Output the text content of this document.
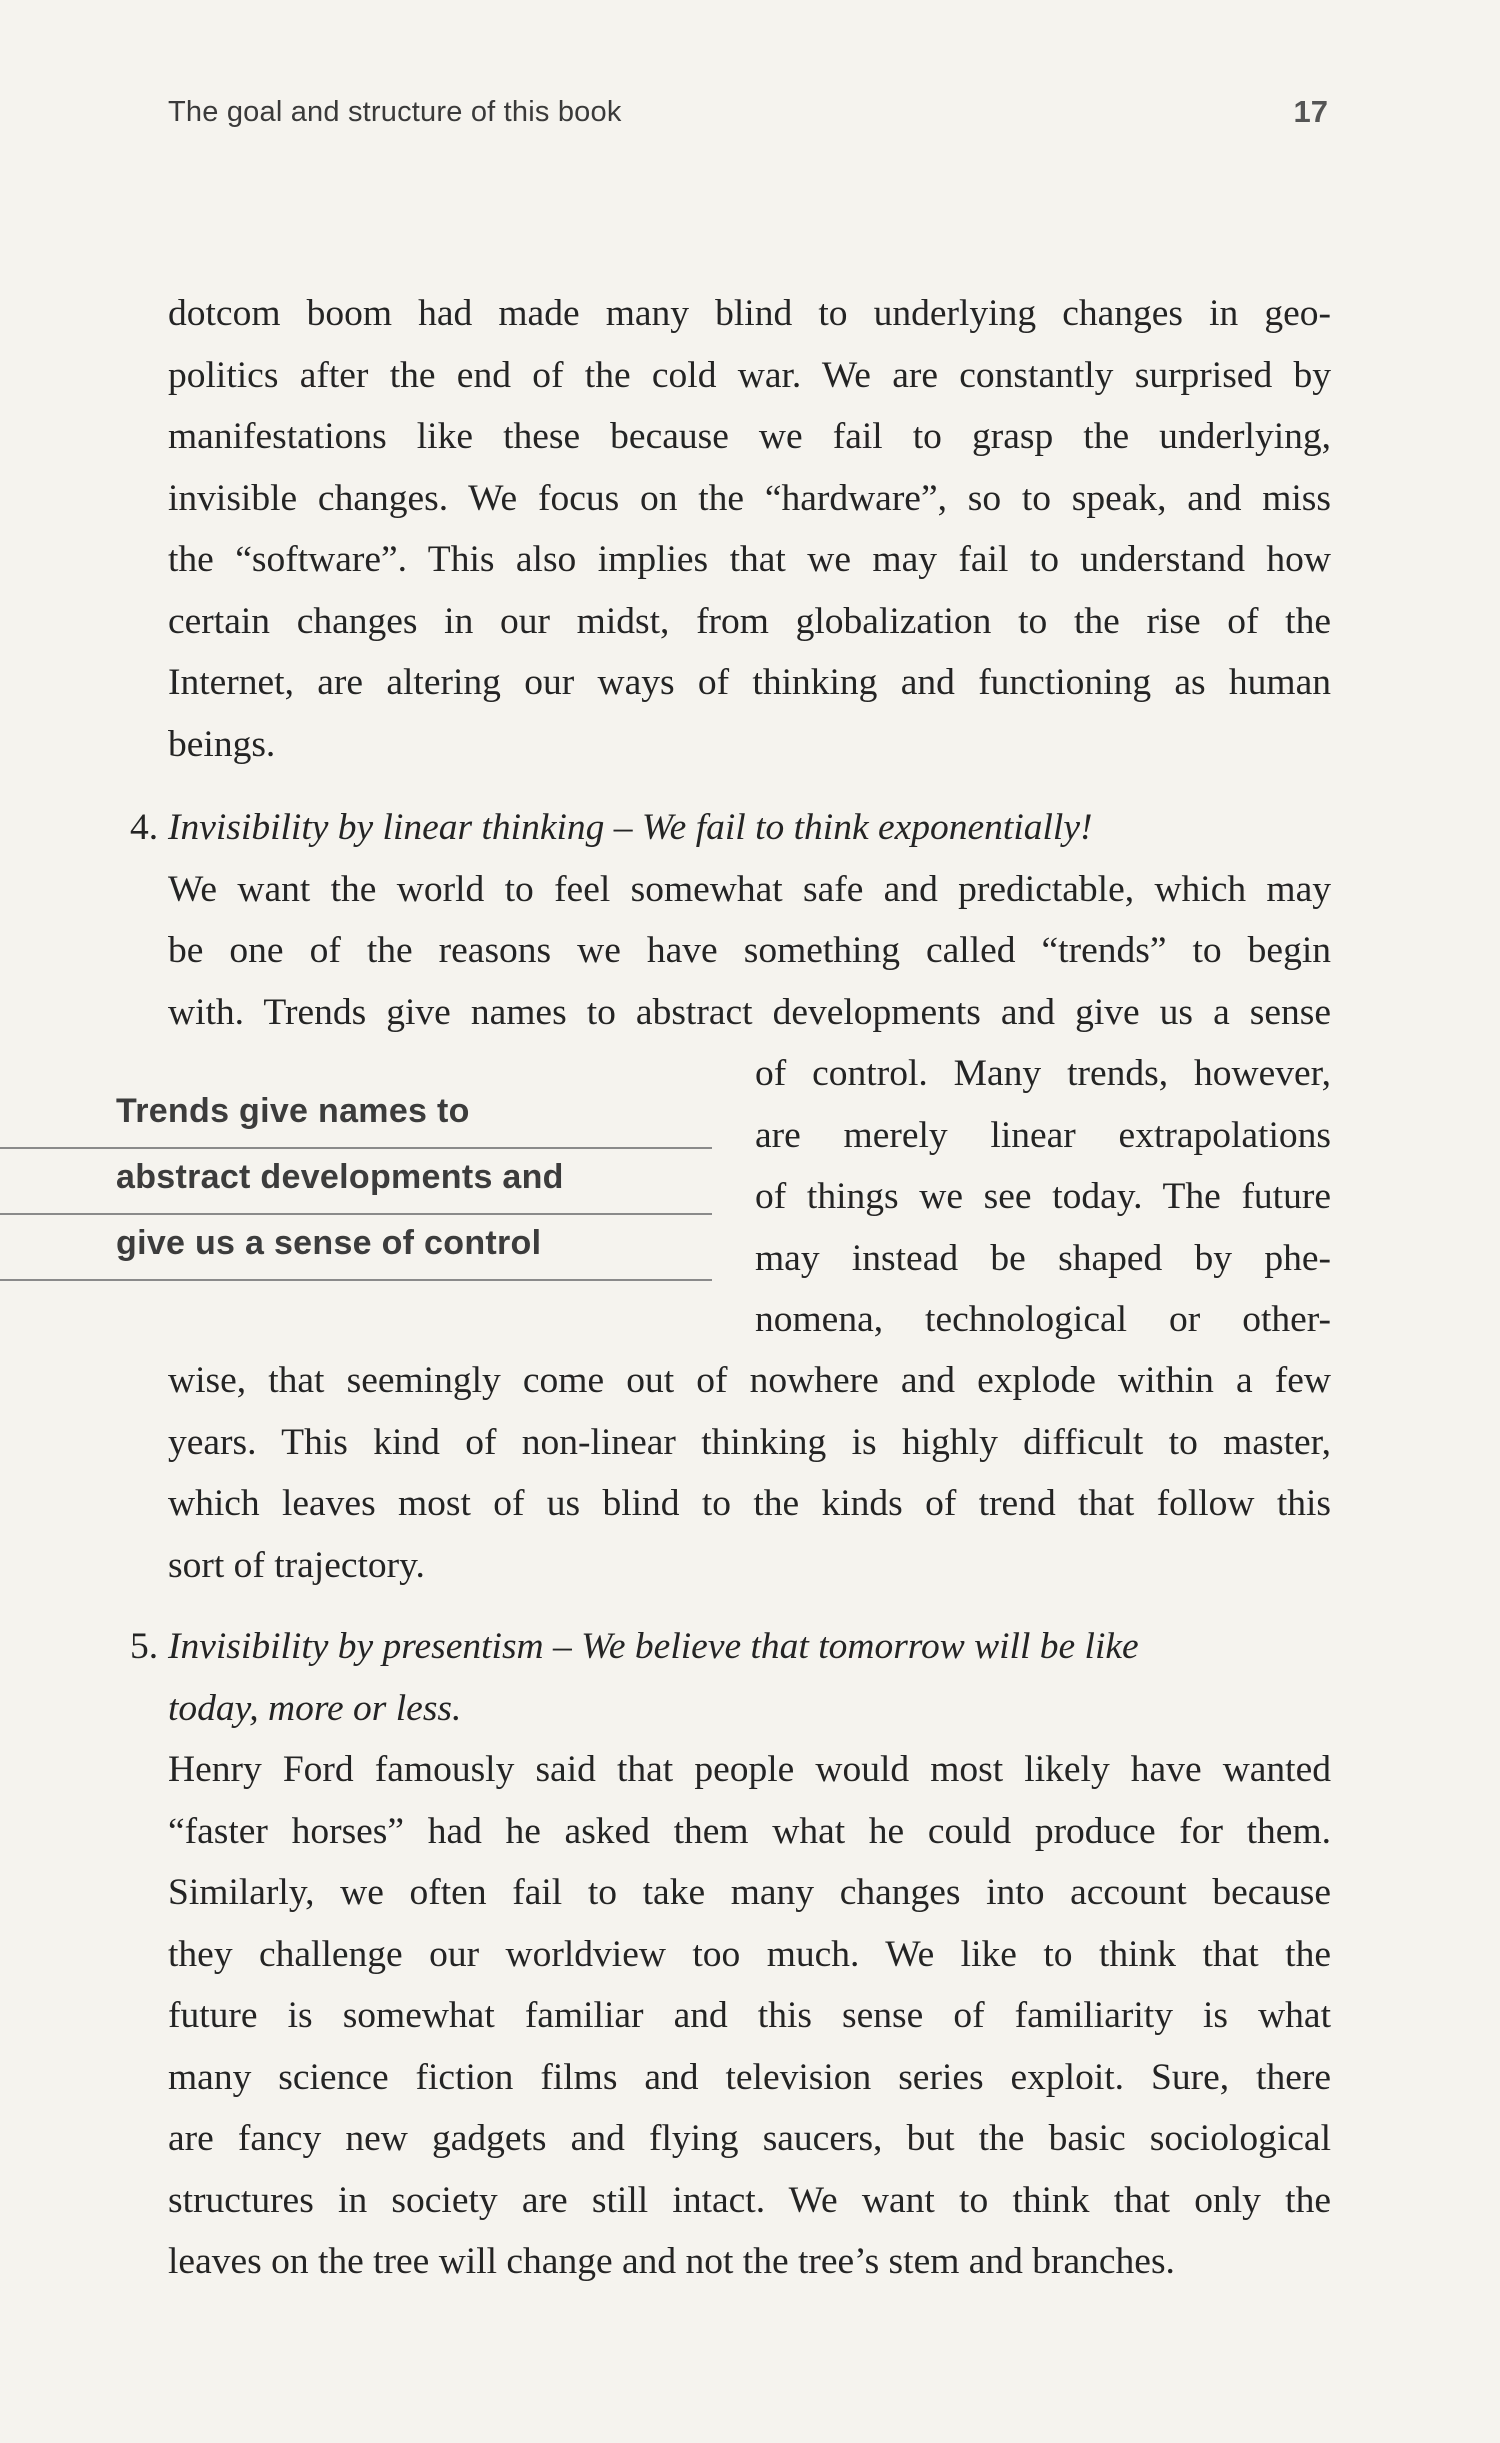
The goal and structure of this book	17
dotcom boom had made many blind to underlying changes in geo-
politics after the end of the cold war. We are constantly surprised by
manifestations like these because we fail to grasp the underlying,
invisible changes. We focus on the “hardware”, so to speak, and miss
the “software”. This also implies that we may fail to understand how
certain changes in our midst, from globalization to the rise of the
Internet, are altering our ways of thinking and functioning as human
beings.
4. Invisibility by linear thinking – We fail to think exponentially!
We want the world to feel somewhat safe and predictable, which may
be one of the reasons we have something called “trends” to begin
with. Trends give names to abstract developments and give us a sense
of control. Many trends, however,
are merely linear extrapolations
of things we see today. The future
may instead be shaped by phe-
nomena, technological or other-
Trends give names to
abstract developments and
give us a sense of control
wise, that seemingly come out of nowhere and explode within a few
years. This kind of non-linear thinking is highly difficult to master,
which leaves most of us blind to the kinds of trend that follow this
sort of trajectory.
5. Invisibility by presentism – We believe that tomorrow will be like
today, more or less.
Henry Ford famously said that people would most likely have wanted
“faster horses” had he asked them what he could produce for them.
Similarly, we often fail to take many changes into account because
they challenge our worldview too much. We like to think that the
future is somewhat familiar and this sense of familiarity is what
many science fiction films and television series exploit. Sure, there
are fancy new gadgets and flying saucers, but the basic sociological
structures in society are still intact. We want to think that only the
leaves on the tree will change and not the tree’s stem and branches.
